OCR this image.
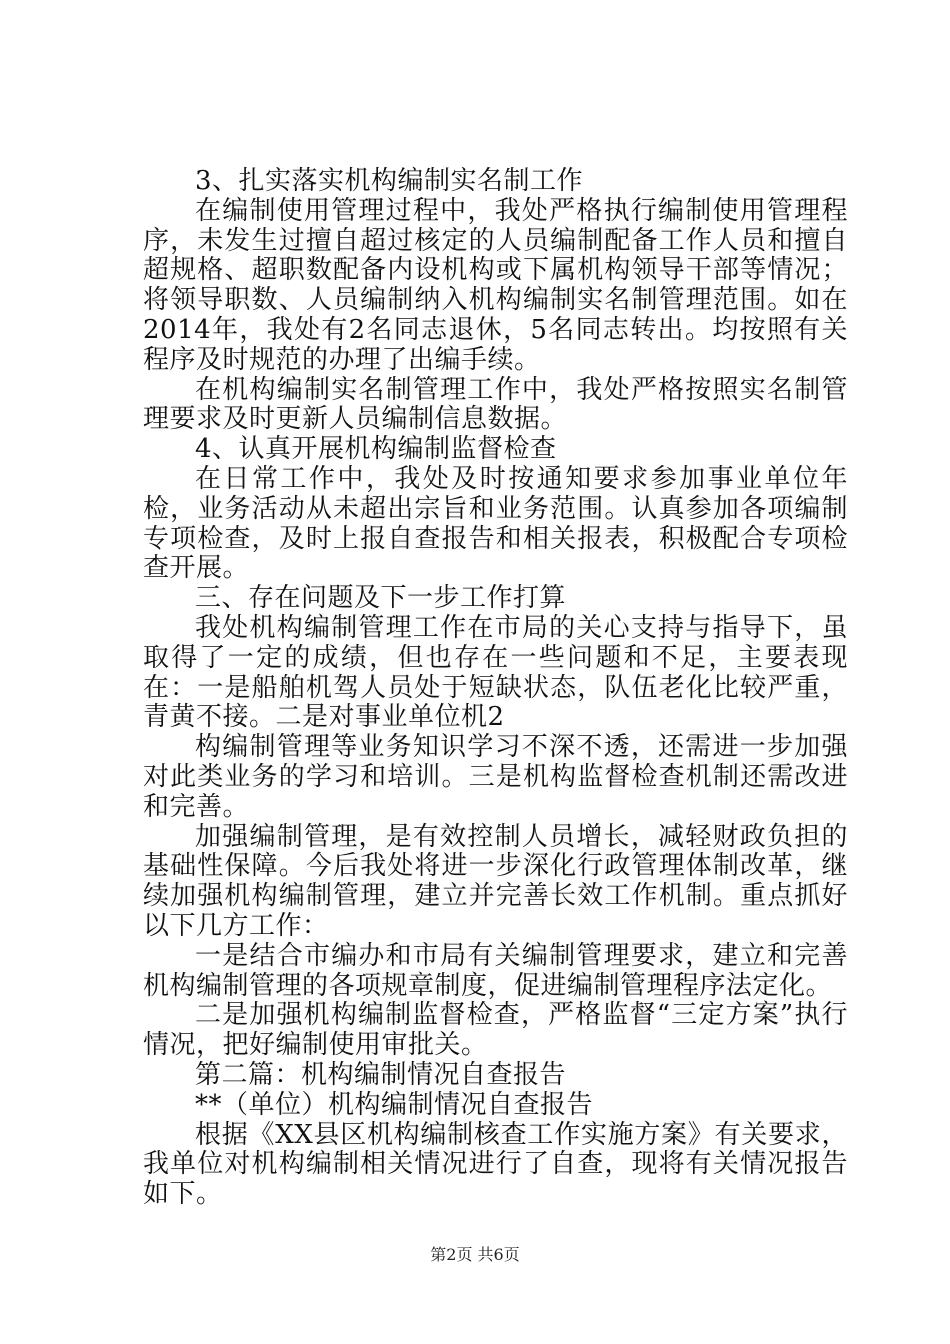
3、扎实落实机构编制实名制工作

在编制使用管理过程中，我处严格执行编制使用管理程序，未发生过擅自超过核定的人员编制配备工作人员和擅自超规格、超职数配备内设机构或下属机构领导干部等情况；将领导职数、人员编制纳入机构编制实名制管理范围。如在2014年，我处有2名同志退休，5名同志转出。均按照有关程序及时规范的办理了出编手续。

在机构编制实名制管理工作中，我处严格按照实名制管理要求及时更新人员编制信息数据。

4、认真开展机构编制监督检查

在日常工作中，我处及时按通知要求参加事业单位年检，业务活动从未超出宗旨和业务范围。认真参加各项编制专项检查，及时上报自查报告和相关报表，积极配合专项检查开展。

三、存在问题及下一步工作打算

我处机构编制管理工作在市局的关心支持与指导下，虽取得了一定的成绩，但也存在一些问题和不足，主要表现在：一是船舶机驾人员处于短缺状态，队伍老化比较严重，青黄不接。二是对事业单位机2

构编制管理等业务知识学习不深不透，还需进一步加强对此类业务的学习和培训。三是机构监督检查机制还需改进和完善。

加强编制管理，是有效控制人员增长，减轻财政负担的基础性保障。今后我处将进一步深化行政管理体制改革，继续加强机构编制管理，建立并完善长效工作机制。重点抓好以下几方工作：

一是结合市编办和市局有关编制管理要求，建立和完善机构编制管理的各项规章制度，促进编制管理程序法定化。

二是加强机构编制监督检查，严格监督“三定方案”执行情况，把好编制使用审批关。

第二篇：机构编制情况自查报告

**（单位）机构编制情况自查报告

根据《XX县区机构编制核查工作实施方案》有关要求，我单位对机构编制相关情况进行了自查，现将有关情况报告如下。

第2页 共6页
